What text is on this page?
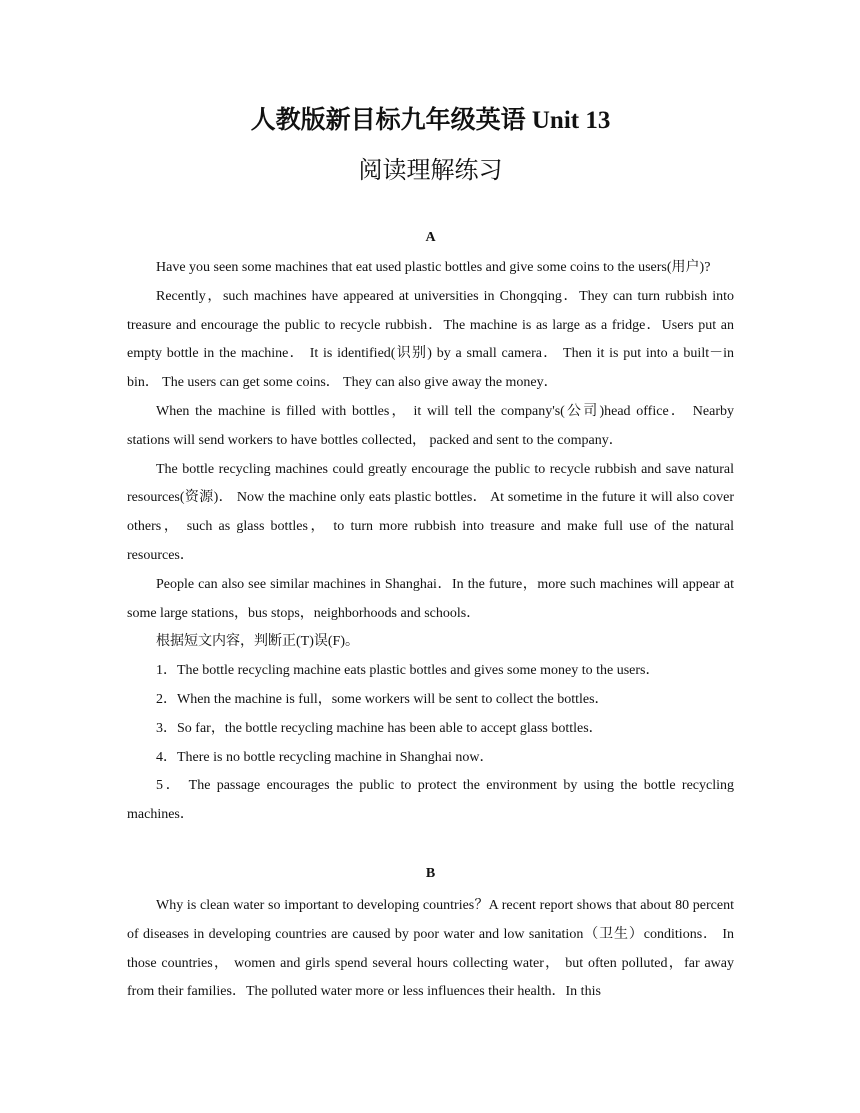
人教版新目标九年级英语 Unit 13
阅读理解练习
A

Have you seen some machines that eat used plastic bottles and give some coins to the users(用户)?

Recently，such machines have appeared at universities in Chongqing．They can turn rubbish into treasure and encourage the public to recycle rubbish．The machine is as large as a fridge．Users put an empty bottle in the machine． It is identified(识别) by a small camera． Then it is put into a built－in bin． The users can get some coins． They can also give away the money．

When the machine is filled with bottles， it will tell the company's(公司)head office． Nearby stations will send workers to have bottles collected， packed and sent to the company．

The bottle recycling machines could greatly encourage the public to recycle rubbish and save natural resources(资源)． Now the machine only eats plastic bottles． At sometime in the future it will also cover others， such as glass bottles， to turn more rubbish into treasure and make full use of the natural resources．

People can also see similar machines in Shanghai．In the future，more such machines will appear at some large stations，bus stops，neighborhoods and schools．

根据短文内容，判断正(T)误(F)。

1．The bottle recycling machine eats plastic bottles and gives some money to the users．

2．When the machine is full，some workers will be sent to collect the bottles．

3．So far，the bottle recycling machine has been able to accept glass bottles．

4．There is no bottle recycling machine in Shanghai now．

5． The passage encourages the public to protect the environment by using the bottle recycling machines．

B

Why is clean water so important to developing countries？A recent report shows that about 80 percent of diseases in developing countries are caused by poor water and low sanitation（卫生）conditions． In those countries， women and girls spend several hours collecting water， but often polluted，far away from their families．The polluted water more or less influences their health．In this
